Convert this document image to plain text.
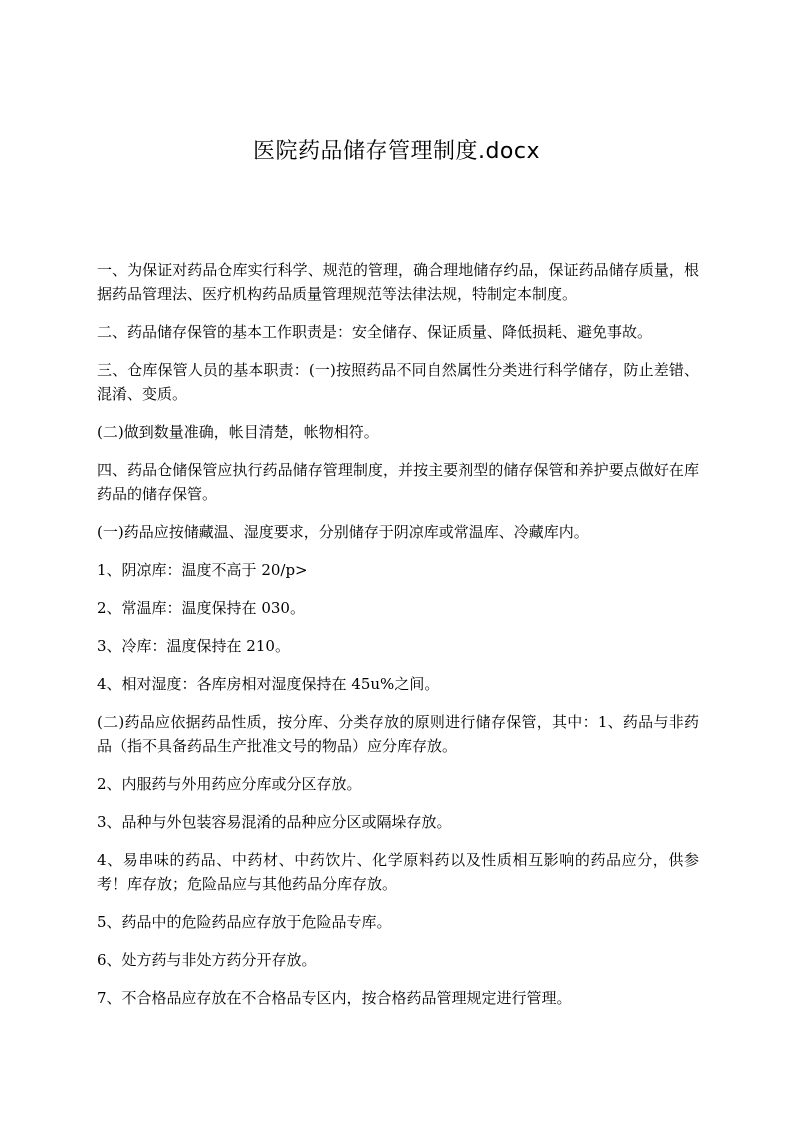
医院药品储存管理制度.docx

一、为保证对药品仓库实行科学、规范的管理，确合理地储存约品，保证药品储存质量，根据药品管理法、医疗机构药品质量管理规范等法律法规，特制定本制度。

二、药品储存保管的基本工作职责是：安全储存、保证质量、降低损耗、避免事故。

三、仓库保管人员的基本职责：(一)按照药品不同自然属性分类进行科学储存，防止差错、混淆、变质。

(二)做到数量准确，帐目清楚，帐物相符。

四、药品仓储保管应执行药品储存管理制度，并按主要剂型的储存保管和养护要点做好在库药品的储存保管。

(一)药品应按储藏温、湿度要求，分别储存于阴凉库或常温库、冷藏库内。

1、阴凉库：温度不高于 20/p>

2、常温库：温度保持在 030。

3、冷库：温度保持在 210。

4、相对湿度：各库房相对湿度保持在 45u%之间。

(二)药品应依据药品性质，按分库、分类存放的原则进行储存保管，其中：1、药品与非药品（指不具备药品生产批准文号的物品）应分库存放。

2、内服药与外用药应分库或分区存放。

3、品种与外包装容易混淆的品种应分区或隔垛存放。

4、易串味的药品、中药材、中药饮片、化学原料药以及性质相互影响的药品应分，供参考！库存放；危险品应与其他药品分库存放。

5、药品中的危险药品应存放于危险品专库。

6、处方药与非处方药分开存放。

7、不合格品应存放在不合格品专区内，按合格药品管理规定进行管理。
